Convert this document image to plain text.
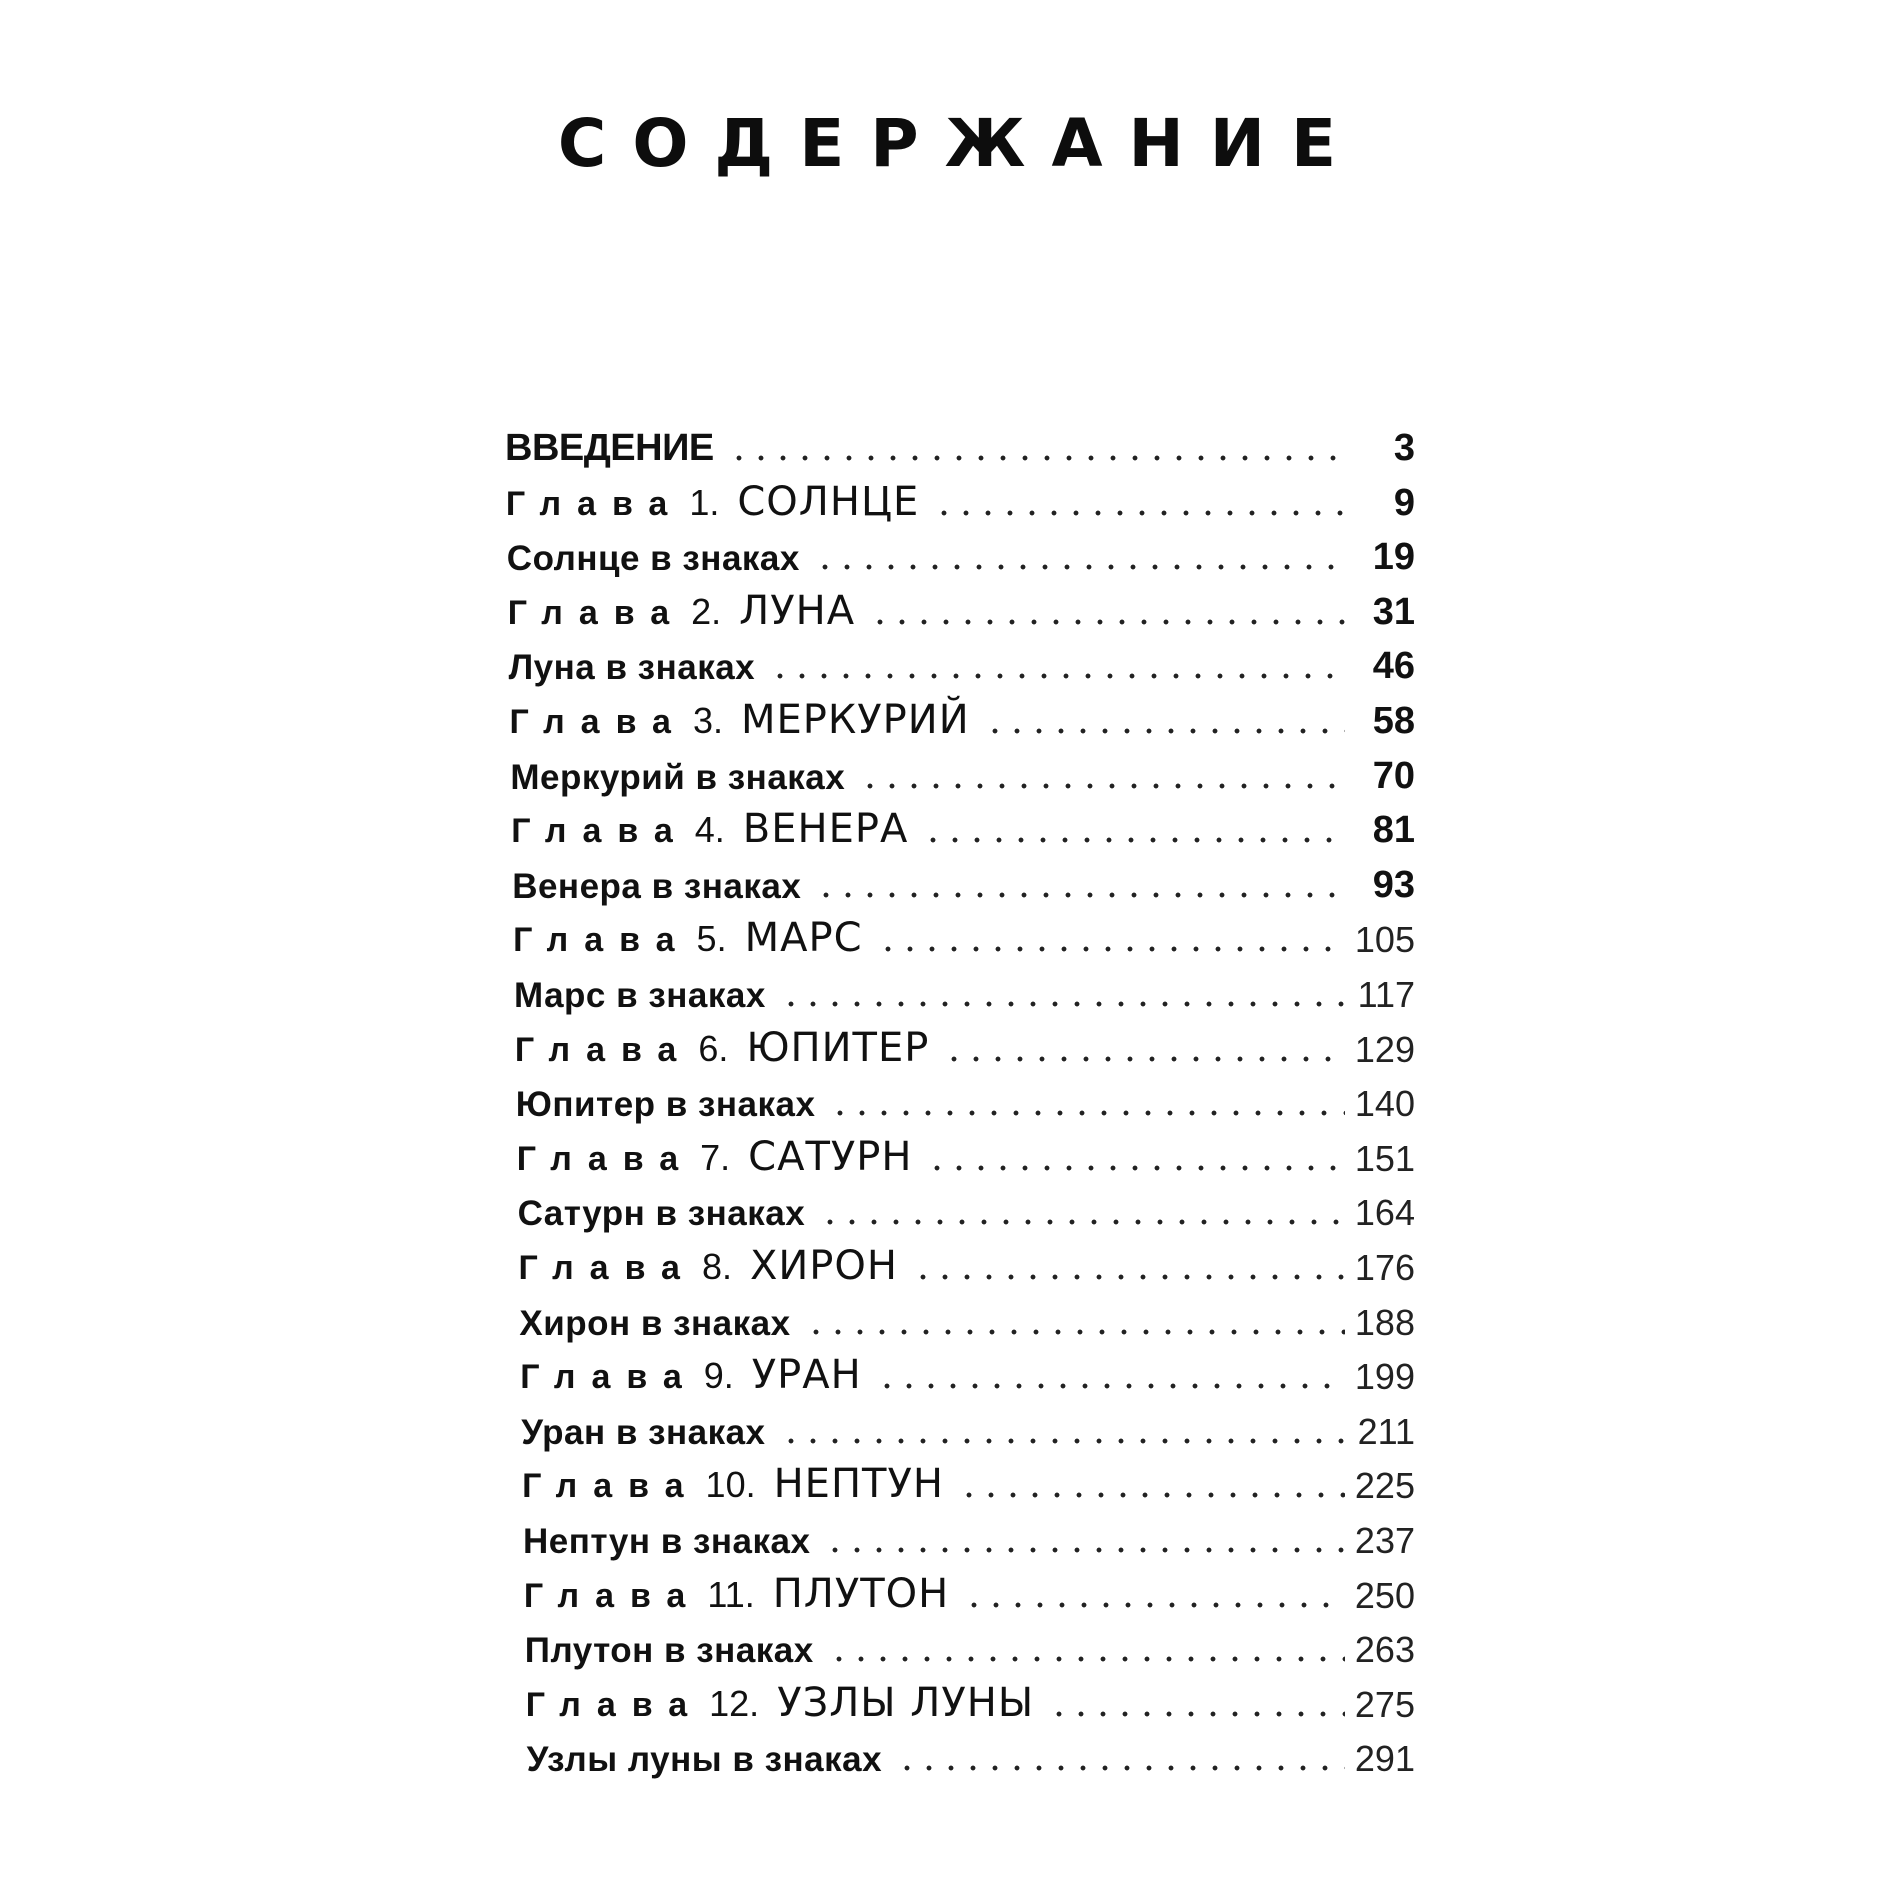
СОДЕРЖАНИЕ
ВВЕДЕНИЕ	3
Глава 1. СОЛНЦЕ	9
Солнце в знаках	19
Глава 2. ЛУНА	31
Луна в знаках	46
Глава 3. МЕРКУРИЙ	58
Меркурий в знаках	70
Глава 4. ВЕНЕРА	81
Венера в знаках	93
Глава 5. МАРС	105
Марс в знаках	117
Глава 6. ЮПИТЕР	129
Юпитер в знаках	140
Глава 7. САТУРН	151
Сатурн в знаках	164
Глава 8. ХИРОН	176
Хирон в знаках	188
Глава 9. УРАН	199
Уран в знаках	211
Глава 10. НЕПТУН	225
Нептун в знаках	237
Глава 11. ПЛУТОН	250
Плутон в знаках	263
Глава 12. УЗЛЫ ЛУНЫ	275
Узлы луны в знаках	291
